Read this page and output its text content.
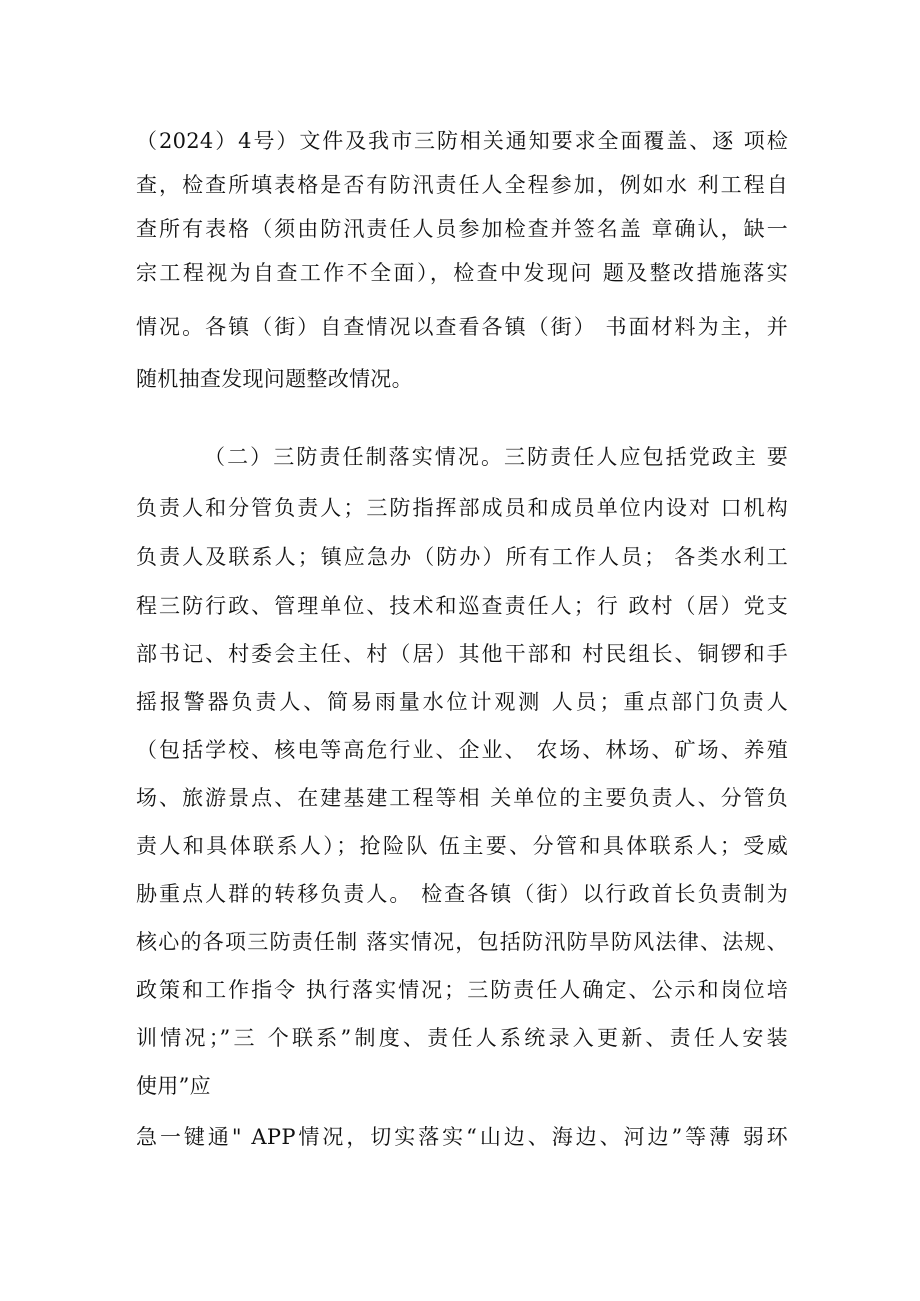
（2024）4号）文件及我市三防相关通知要求全面覆盖、逐 项检
查，检查所填表格是否有防汛责任人全程参加，例如水 利工程自
查所有表格（须由防汛责任人员参加检查并签名盖 章确认，缺一
宗工程视为自查工作不全面），检查中发现问 题及整改措施落实
情况。各镇（街）自查情况以查看各镇（街） 书面材料为主，并
随机抽查发现问题整改情况。
（二）三防责任制落实情况。三防责任人应包括党政主 要
负责人和分管负责人；三防指挥部成员和成员单位内设对 口机构
负责人及联系人；镇应急办（防办）所有工作人员； 各类水利工
程三防行政、管理单位、技术和巡查责任人；行 政村（居）党支
部书记、村委会主任、村（居）其他干部和 村民组长、铜锣和手
摇报警器负责人、简易雨量水位计观测 人员；重点部门负责人
（包括学校、核电等高危行业、企业、 农场、林场、矿场、养殖
场、旅游景点、在建基建工程等相 关单位的主要负责人、分管负
责人和具体联系人）；抢险队 伍主要、分管和具体联系人；受威
胁重点人群的转移负责人。 检查各镇（街）以行政首长负责制为
核心的各项三防责任制 落实情况，包括防汛防旱防风法律、法规、
政策和工作指令 执行落实情况；三防责任人确定、公示和岗位培
训情况；”三 个联系”制度、责任人系统录入更新、责任人安装
使用”应
急一键通" APP情况，切实落实“山边、海边、河边”等薄 弱环
